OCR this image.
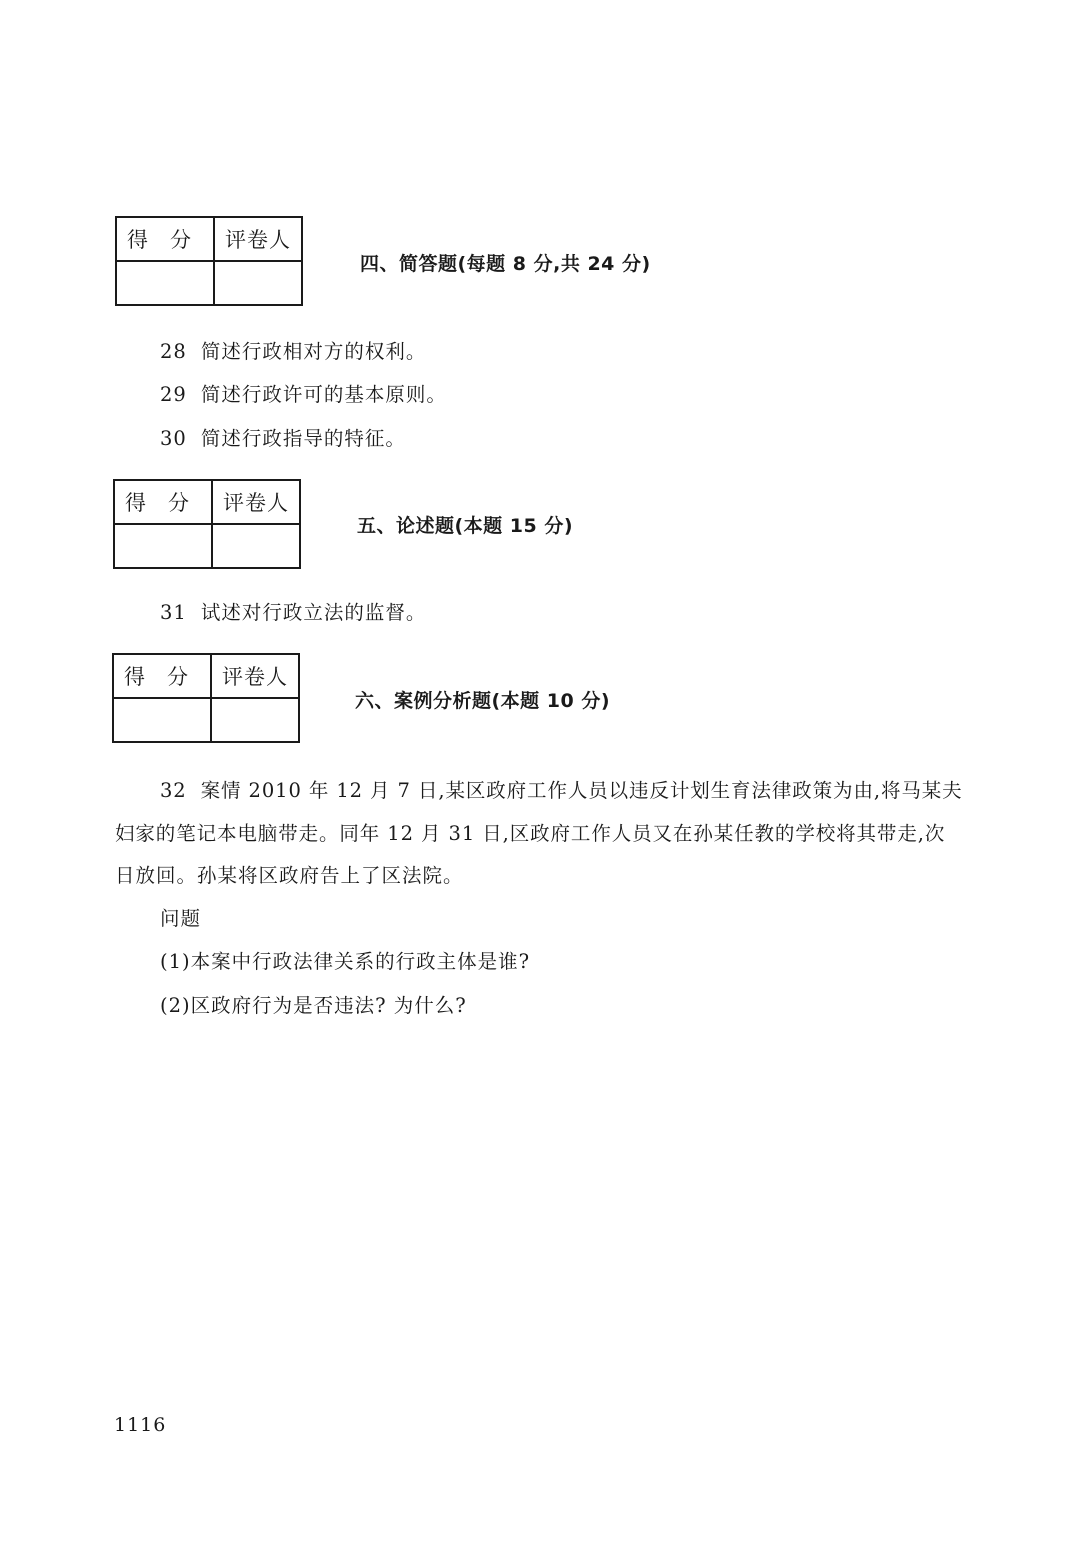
得分	评卷人

四、简答题(每题 8 分,共 24 分)
28 简述行政相对方的权利。
29 简述行政许可的基本原则。
30 简述行政指导的特征。
得分	评卷人

五、论述题(本题 15 分)
31 试述对行政立法的监督。
得分	评卷人

六、案例分析题(本题 10 分)
32 案情 2010 年 12 月 7 日,某区政府工作人员以违反计划生育法律政策为由,将马某夫
妇家的笔记本电脑带走。同年 12 月 31 日,区政府工作人员又在孙某任教的学校将其带走,次
日放回。孙某将区政府告上了区法院。
问题
(1)本案中行政法律关系的行政主体是谁?
(2)区政府行为是否违法? 为什么?
1116
